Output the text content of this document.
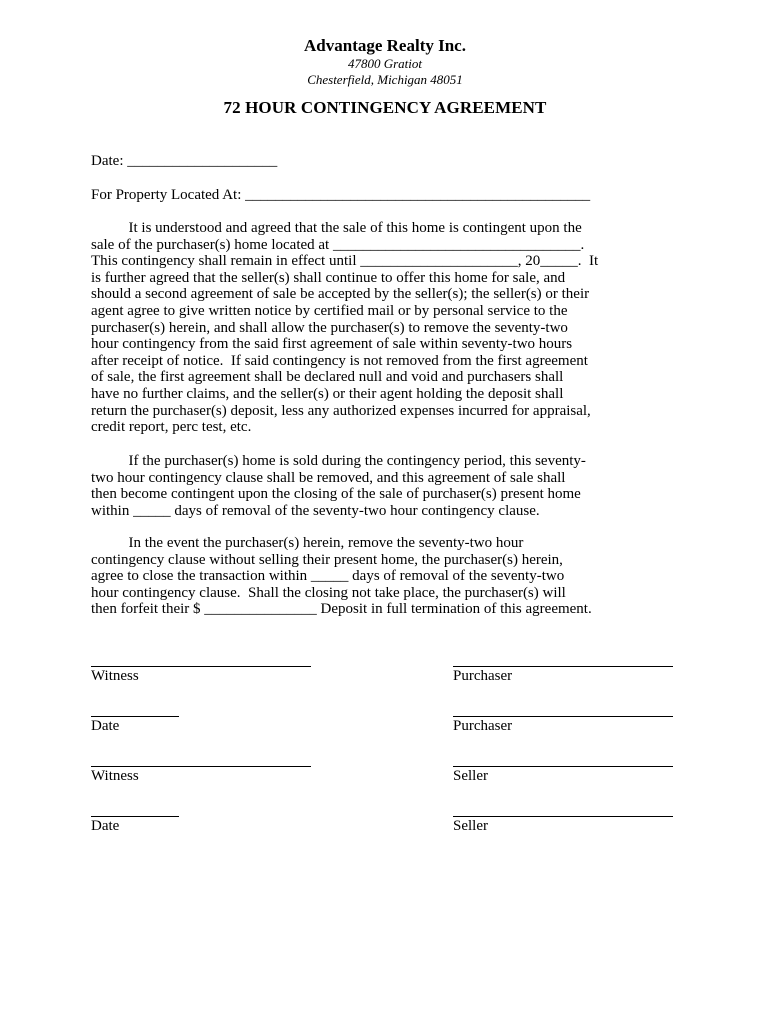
Advantage Realty Inc.
47800 Gratiot
Chesterfield, Michigan 48051
72 HOUR CONTINGENCY AGREEMENT
Date: ____________________
For Property Located At: ______________________________________________
It is understood and agreed that the sale of this home is contingent upon the
sale of the purchaser(s) home located at _________________________________.
This contingency shall remain in effect until _____________________, 20_____.  It
is further agreed that the seller(s) shall continue to offer this home for sale, and
should a second agreement of sale be accepted by the seller(s); the seller(s) or their
agent agree to give written notice by certified mail or by personal service to the
purchaser(s) herein, and shall allow the purchaser(s) to remove the seventy-two
hour contingency from the said first agreement of sale within seventy-two hours
after receipt of notice.  If said contingency is not removed from the first agreement
of sale, the first agreement shall be declared null and void and purchasers shall
have no further claims, and the seller(s) or their agent holding the deposit shall
return the purchaser(s) deposit, less any authorized expenses incurred for appraisal,
credit report, perc test, etc.
If the purchaser(s) home is sold during the contingency period, this seventy-
two hour contingency clause shall be removed, and this agreement of sale shall
then become contingent upon the closing of the sale of purchaser(s) present home
within _____ days of removal of the seventy-two hour contingency clause.
In the event the purchaser(s) herein, remove the seventy-two hour
contingency clause without selling their present home, the purchaser(s) herein,
agree to close the transaction within _____ days of removal of the seventy-two
hour contingency clause.  Shall the closing not take place, the purchaser(s) will
then forfeit their $ _______________ Deposit in full termination of this agreement.
Witness	Purchaser
Date	Purchaser
Witness	Seller
Date	Seller
